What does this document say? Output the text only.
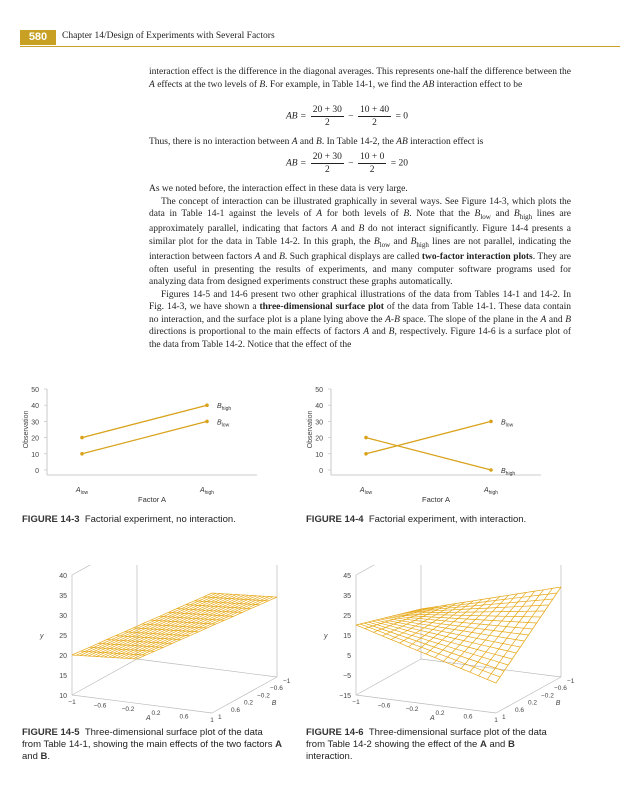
580	Chapter 14/Design of Experiments with Several Factors

interaction effect is the difference in the diagonal averages. This represents one-half the difference between the A effects at the two levels of B. For example, in Table 14-1, we find the AB interaction effect to be

AB = $\frac{20 + 30}{2} - \frac{10 + 40}{2} = 0$

Thus, there is no interaction between A and B. In Table 14-2, the AB interaction effect is

AB = $\frac{20 + 30}{2} - \frac{10 + 0}{2} = 20$

As we noted before, the interaction effect in these data is very large.

The concept of interaction can be illustrated graphically in several ways. See Figure 14-3, which plots the data in Table 14-1 against the levels of A for both levels of B. Note that the $B_{low}$ and $B_{high}$ lines are approximately parallel, indicating that factors A and B do not interact significantly. Figure 14-4 presents a similar plot for the data in Table 14-2. In this graph, the $B_{low}$ and $B_{high}$ lines are not parallel, indicating the interaction between factors A and B. Such graphical displays are called two-factor interaction plots. They are often useful in presenting the results of experiments, and many computer software programs used for analyzing data from designed experiments construct these graphs automatically.

Figures 14-5 and 14-6 present two other graphical illustrations of the data from Tables 14-1 and 14-2. In Fig. 14-3, we have shown a three-dimensional surface plot of the data from Table 14-1. These data contain no interaction, and the surface plot is a plane lying above the A-B space. The slope of the plane in the A and B directions is proportional to the main effects of factors A and B, respectively. Figure 14-6 is a surface plot of the data from Table 14-2. Notice that the effect of the

50
40
30
20
10
0
Observation
$A_{low}$	$A_{high}$
Factor A
$B_{high}$
$B_{low}$
FIGURE 14-3 Factorial experiment, no interaction.
50
40
30
20
10
0
Observation
$A_{low}$	$A_{high}$
Factor A
$B_{low}$
$B_{high}$
FIGURE 14-4 Factorial experiment, with interaction.
40
35
30
25
20
15
10
y
−1
−0.6
−0.2
0.2
0.6
1
A	1
0.6
0.2
−0.2
−0.6
−1
B
FIGURE 14-5 Three-dimensional surface plot of the data from Table 14-1, showing the main effects of the two factors A and B.
45
35
25
15
5
−5
−15
y
−1
−0.6
−0.2
0.2
0.6
1
A	1
0.6
0.2
−0.2
−0.6
−1
B
FIGURE 14-6 Three-dimensional surface plot of the data from Table 14-2 showing the effect of the A and B interaction.
